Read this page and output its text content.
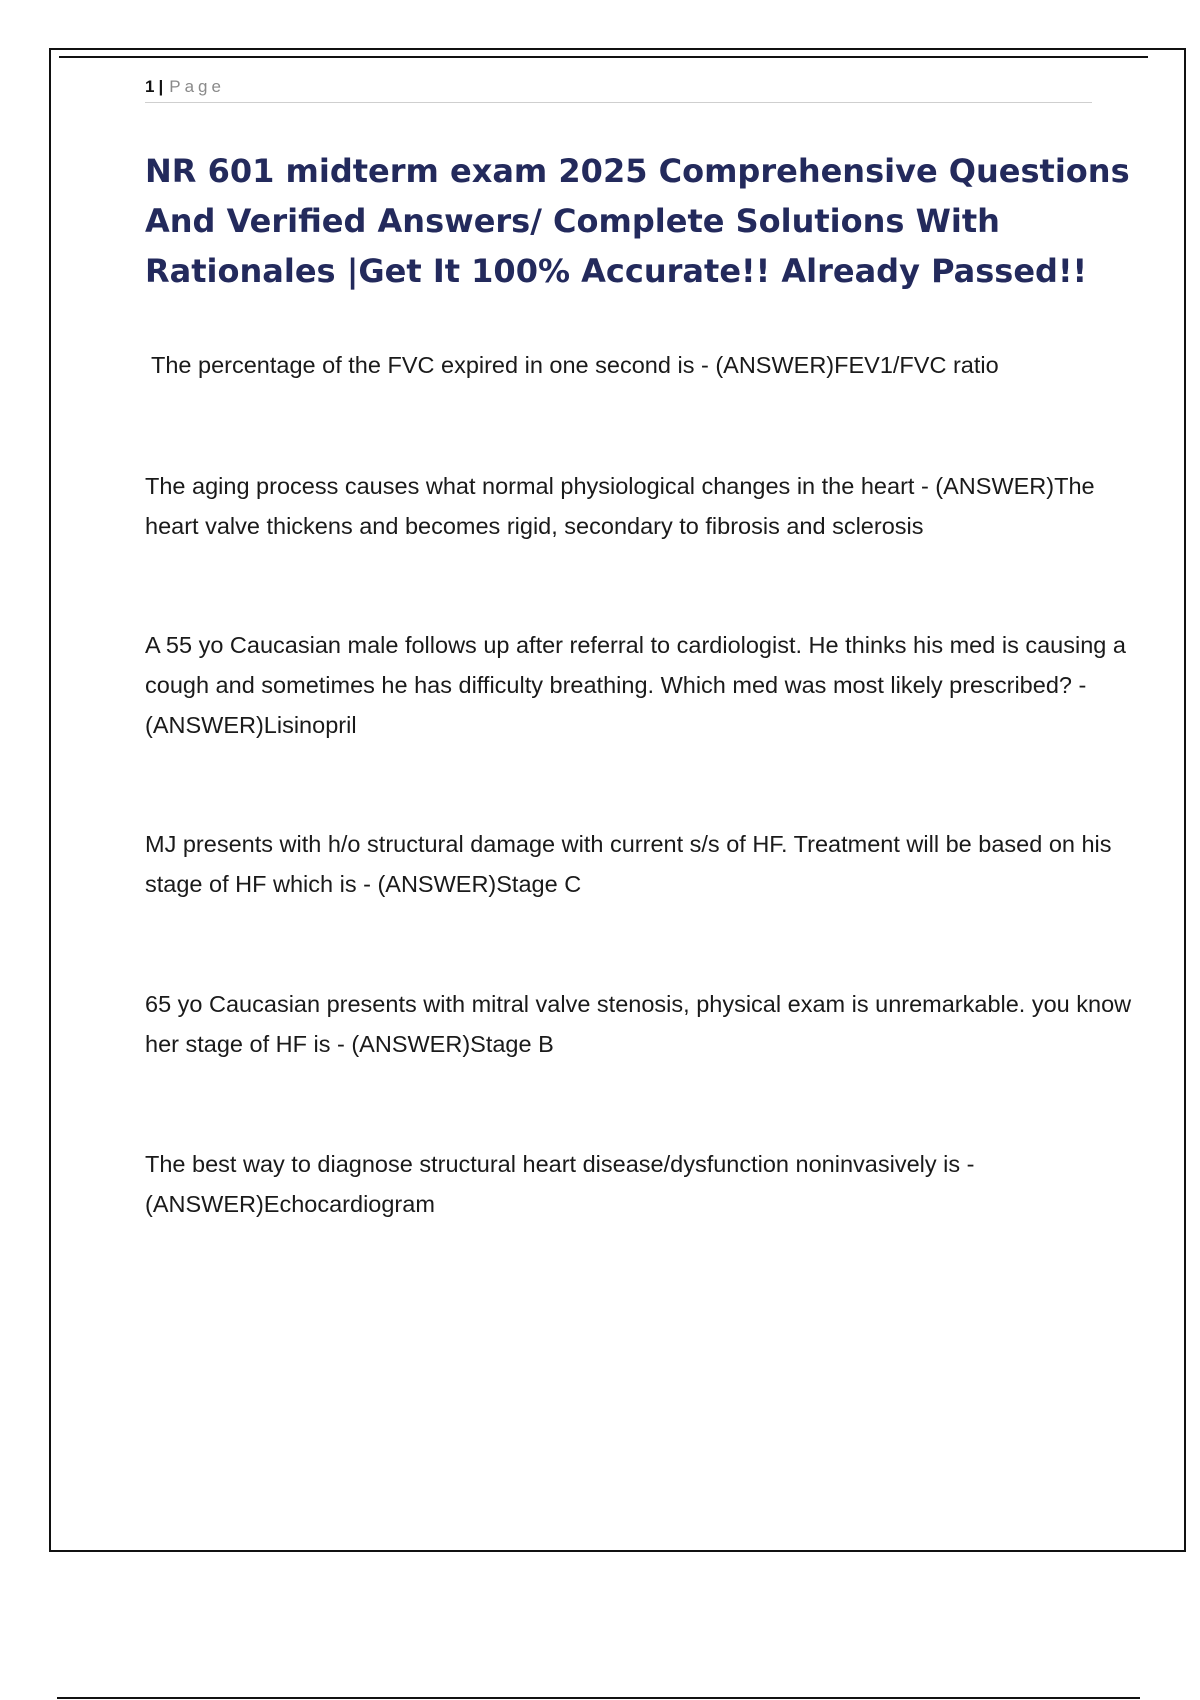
1 | Page
NR 601 midterm exam 2025 Comprehensive Questions And Verified Answers/ Complete Solutions With Rationales |Get It 100% Accurate!! Already Passed!!

The percentage of the FVC expired in one second is - (ANSWER)FEV1/FVC ratio

The aging process causes what normal physiological changes in the heart - (ANSWER)The heart valve thickens and becomes rigid, secondary to fibrosis and sclerosis

A 55 yo Caucasian male follows up after referral to cardiologist. He thinks his med is causing a cough and sometimes he has difficulty breathing. Which med was most likely prescribed? - (ANSWER)Lisinopril

MJ presents with h/o structural damage with current s/s of HF. Treatment will be based on his stage of HF which is - (ANSWER)Stage C

65 yo Caucasian presents with mitral valve stenosis, physical exam is unremarkable. you know her stage of HF is - (ANSWER)Stage B

The best way to diagnose structural heart disease/dysfunction noninvasively is - (ANSWER)Echocardiogram
